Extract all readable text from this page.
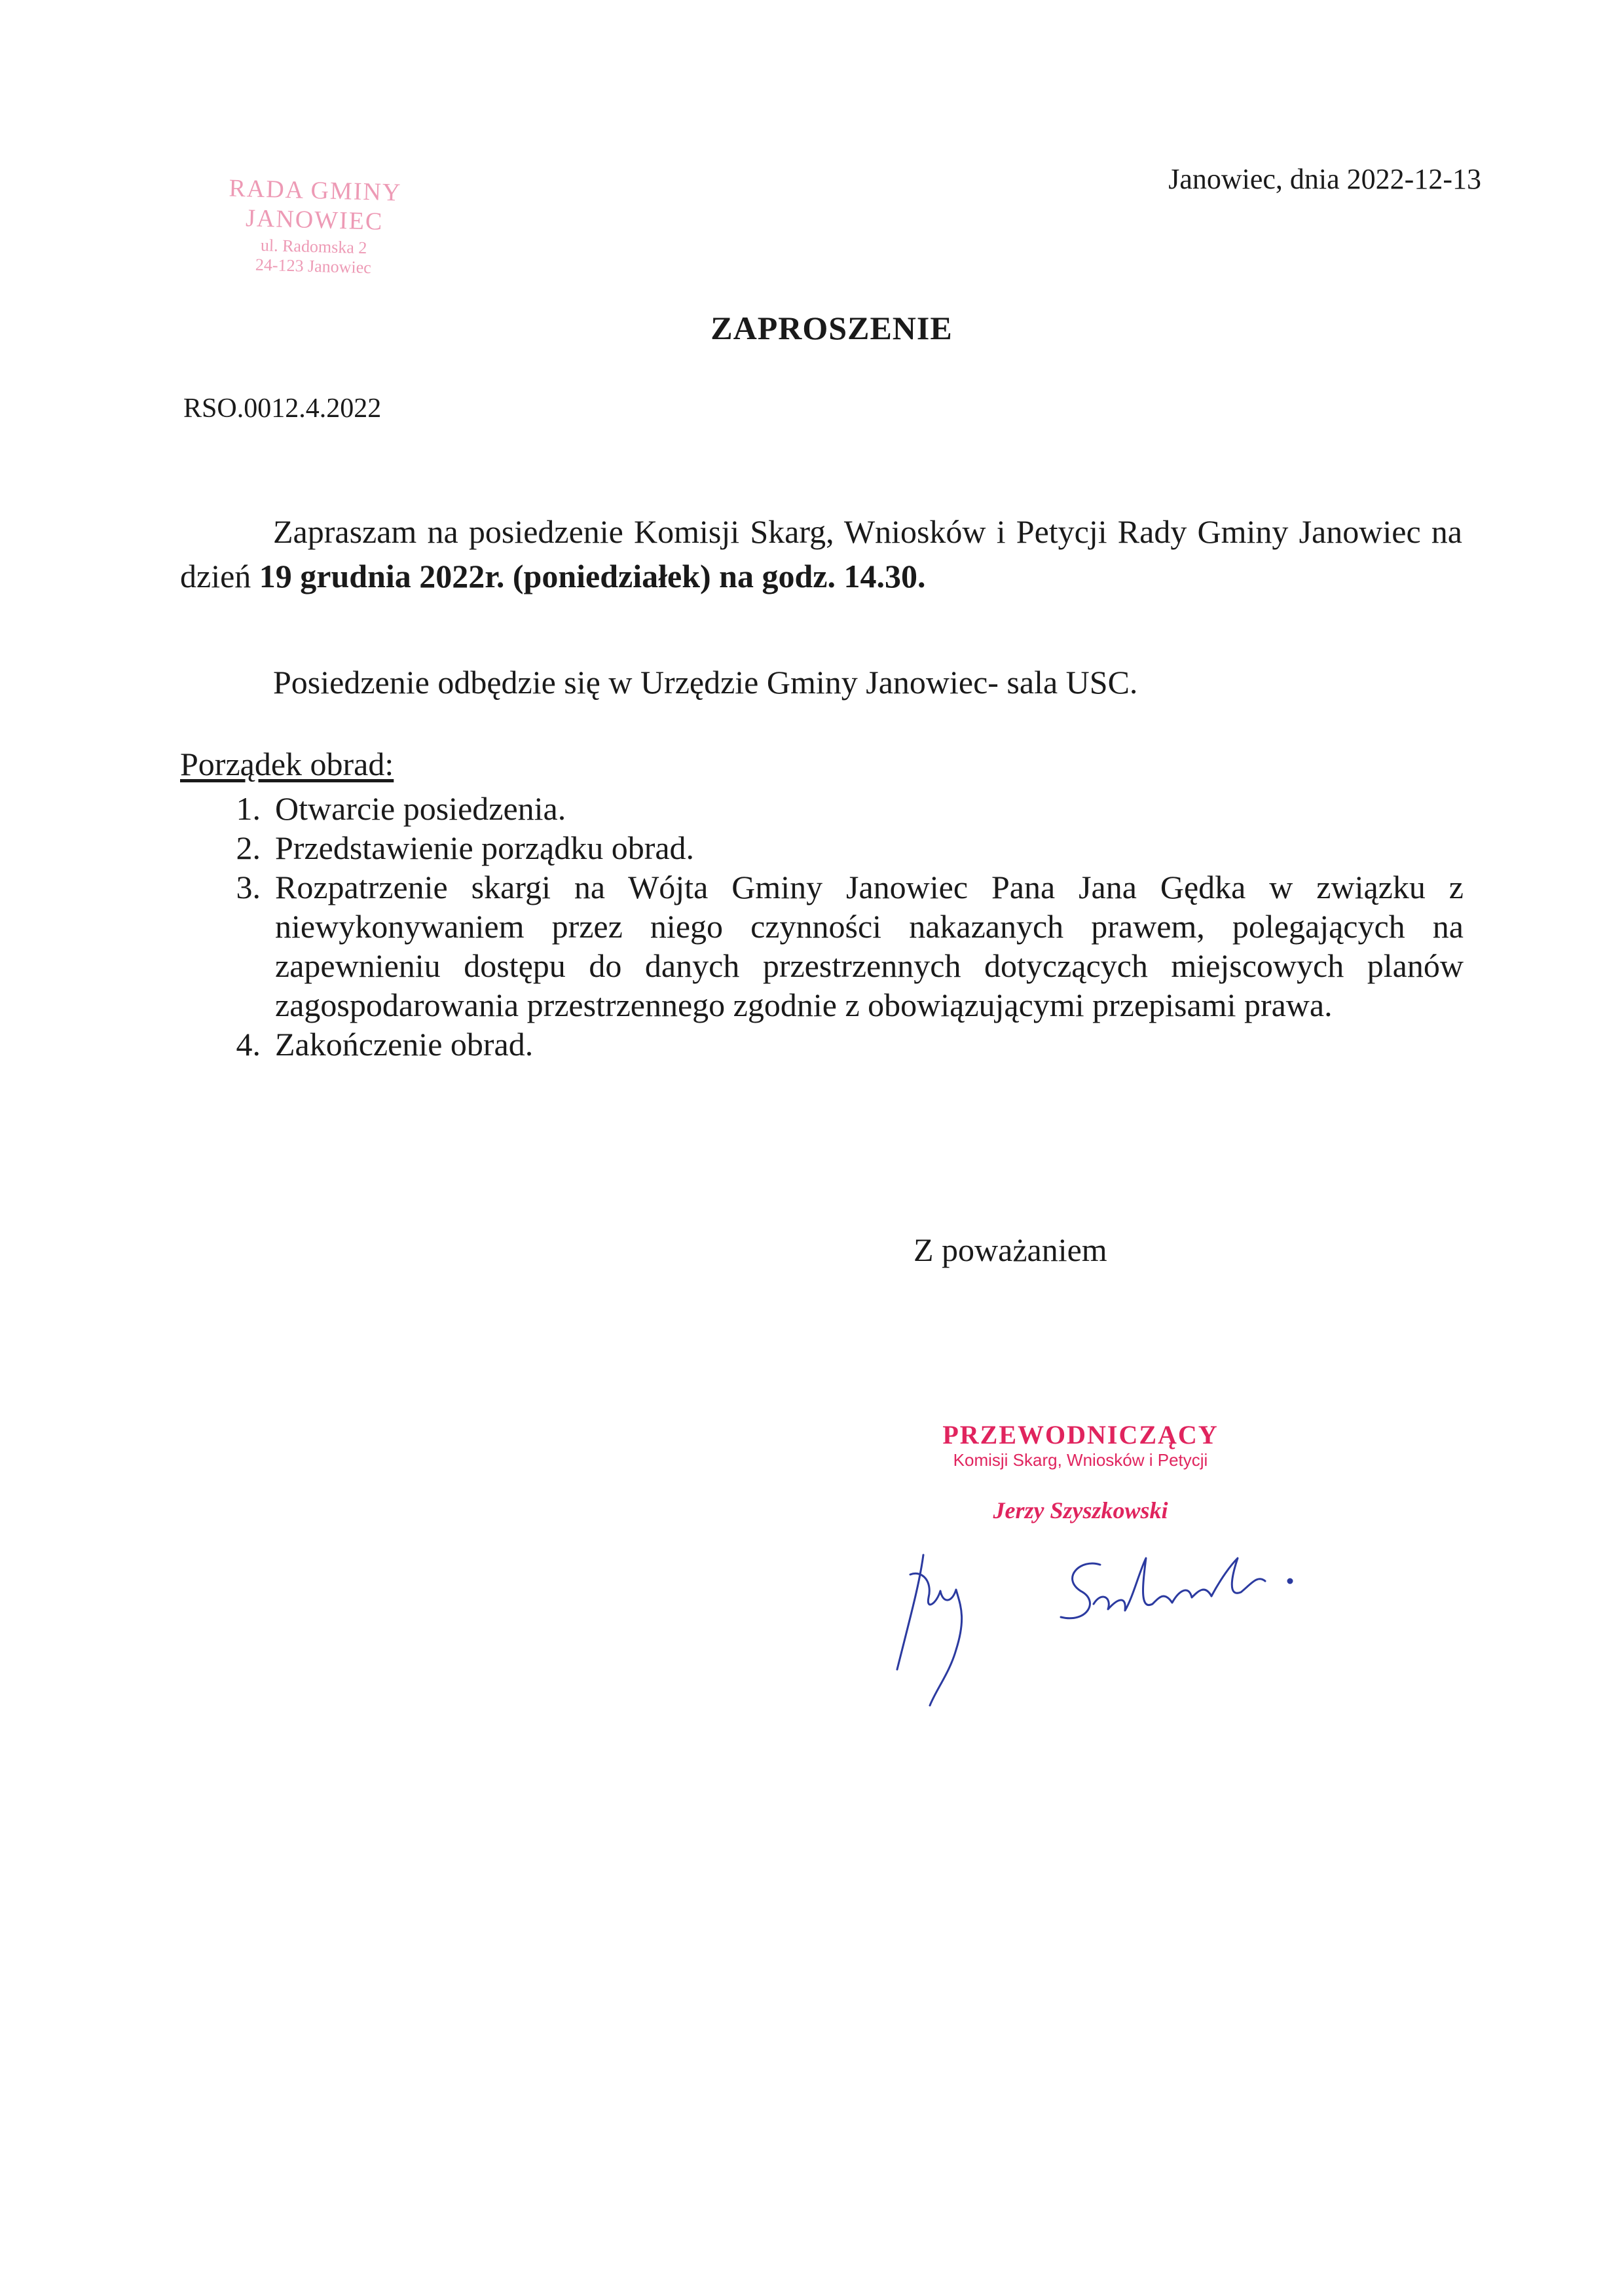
RADA GMINY
JANOWIEC
ul. Radomska 2
24-123 Janowiec
Janowiec, dnia 2022-12-13
ZAPROSZENIE
RSO.0012.4.2022
Zapraszam na posiedzenie Komisji Skarg, Wniosków i Petycji Rady Gminy Janowiec na dzień 19 grudnia 2022r. (poniedziałek) na godz. 14.30.
Posiedzenie odbędzie się w Urzędzie Gminy Janowiec- sala USC.
Porządek obrad:
1. Otwarcie posiedzenia.
2. Przedstawienie porządku obrad.
3. Rozpatrzenie skargi na Wójta Gminy Janowiec Pana Jana Gędka w związku z niewykonywaniem przez niego czynności nakazanych prawem, polegających na zapewnieniu dostępu do danych przestrzennych dotyczących miejscowych planów zagospodarowania przestrzennego zgodnie z obowiązującymi przepisami prawa.
4. Zakończenie obrad.
Z poważaniem
PRZEWODNICZĄCY
Komisji Skarg, Wniosków i Petycji
Jerzy Szyszkowski
